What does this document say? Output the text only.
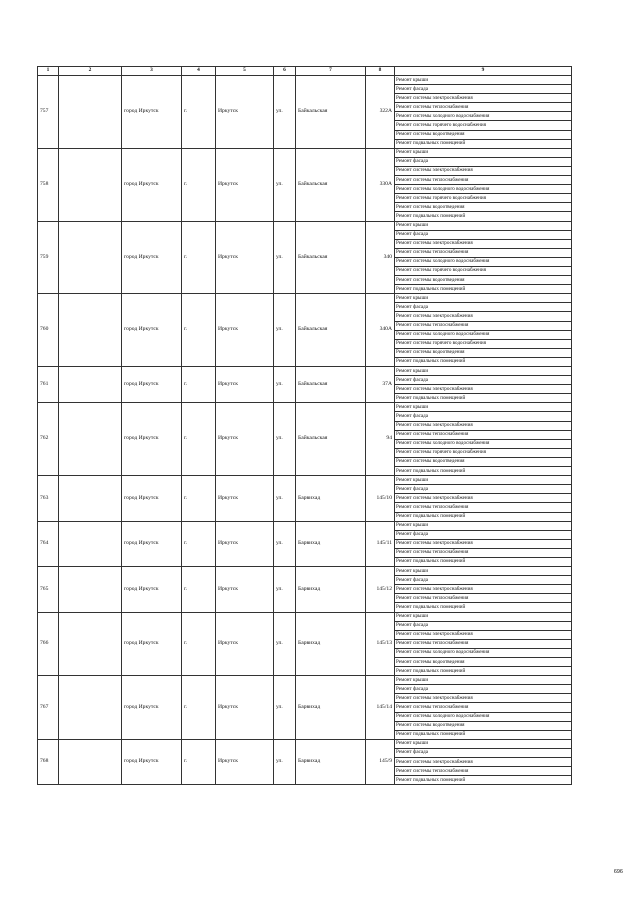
1	2	3	4	5	6	7	8	9
757		город Иркутск	г.	Иркутск	ул.	Байкальская	322А	Ремонт крыши
								Ремонт фасада
								Ремонт системы электроснабжения
								Ремонт системы теплоснабжения
								Ремонт системы холодного водоснабжения
								Ремонт системы горячего водоснабжения
								Ремонт системы водоотведения
								Ремонт подвальных помещений
758		город Иркутск	г.	Иркутск	ул.	Байкальская	330А	Ремонт крыши
								Ремонт фасада
								Ремонт системы электроснабжения
								Ремонт системы теплоснабжения
								Ремонт системы холодного водоснабжения
								Ремонт системы горячего водоснабжения
								Ремонт системы водоотведения
								Ремонт подвальных помещений
759		город Иркутск	г.	Иркутск	ул.	Байкальская	340	Ремонт крыши
								Ремонт фасада
								Ремонт системы электроснабжения
								Ремонт системы теплоснабжения
								Ремонт системы холодного водоснабжения
								Ремонт системы горячего водоснабжения
								Ремонт системы водоотведения
								Ремонт подвальных помещений
760		город Иркутск	г.	Иркутск	ул.	Байкальская	340А	Ремонт крыши
								Ремонт фасада
								Ремонт системы электроснабжения
								Ремонт системы теплоснабжения
								Ремонт системы холодного водоснабжения
								Ремонт системы горячего водоснабжения
								Ремонт системы водоотведения
								Ремонт подвальных помещений
761		город Иркутск	г.	Иркутск	ул.	Байкальская	37А	Ремонт крыши
								Ремонт фасада
								Ремонт системы электроснабжения
								Ремонт подвальных помещений
762		город Иркутск	г.	Иркутск	ул.	Байкальская	94	Ремонт крыши
								Ремонт фасада
								Ремонт системы электроснабжения
								Ремонт системы теплоснабжения
								Ремонт системы холодного водоснабжения
								Ремонт системы горячего водоснабжения
								Ремонт системы водоотведения
								Ремонт подвальных помещений
763		город Иркутск	г.	Иркутск	ул.	Барвихад	145/10	Ремонт крыши
								Ремонт фасада
								Ремонт системы электроснабжения
								Ремонт системы теплоснабжения
								Ремонт подвальных помещений
764		город Иркутск	г.	Иркутск	ул.	Барвихад	145/11	Ремонт крыши
								Ремонт фасада
								Ремонт системы электроснабжения
								Ремонт системы теплоснабжения
								Ремонт подвальных помещений
765		город Иркутск	г.	Иркутск	ул.	Барвихад	145/12	Ремонт крыши
								Ремонт фасада
								Ремонт системы электроснабжения
								Ремонт системы теплоснабжения
								Ремонт подвальных помещений
766		город Иркутск	г.	Иркутск	ул.	Барвихад	145/13	Ремонт крыши
								Ремонт фасада
								Ремонт системы электроснабжения
								Ремонт системы теплоснабжения
								Ремонт системы холодного водоснабжения
								Ремонт системы водоотведения
								Ремонт подвальных помещений
767		город Иркутск	г.	Иркутск	ул.	Барвихад	145/14	Ремонт крыши
								Ремонт фасада
								Ремонт системы электроснабжения
								Ремонт системы теплоснабжения
								Ремонт системы холодного водоснабжения
								Ремонт системы водоотведения
								Ремонт подвальных помещений
768		город Иркутск	г.	Иркутск	ул.	Барвихад	145/9	Ремонт крыши
								Ремонт фасада
								Ремонт системы электроснабжения
								Ремонт системы теплоснабжения
								Ремонт подвальных помещений
696
